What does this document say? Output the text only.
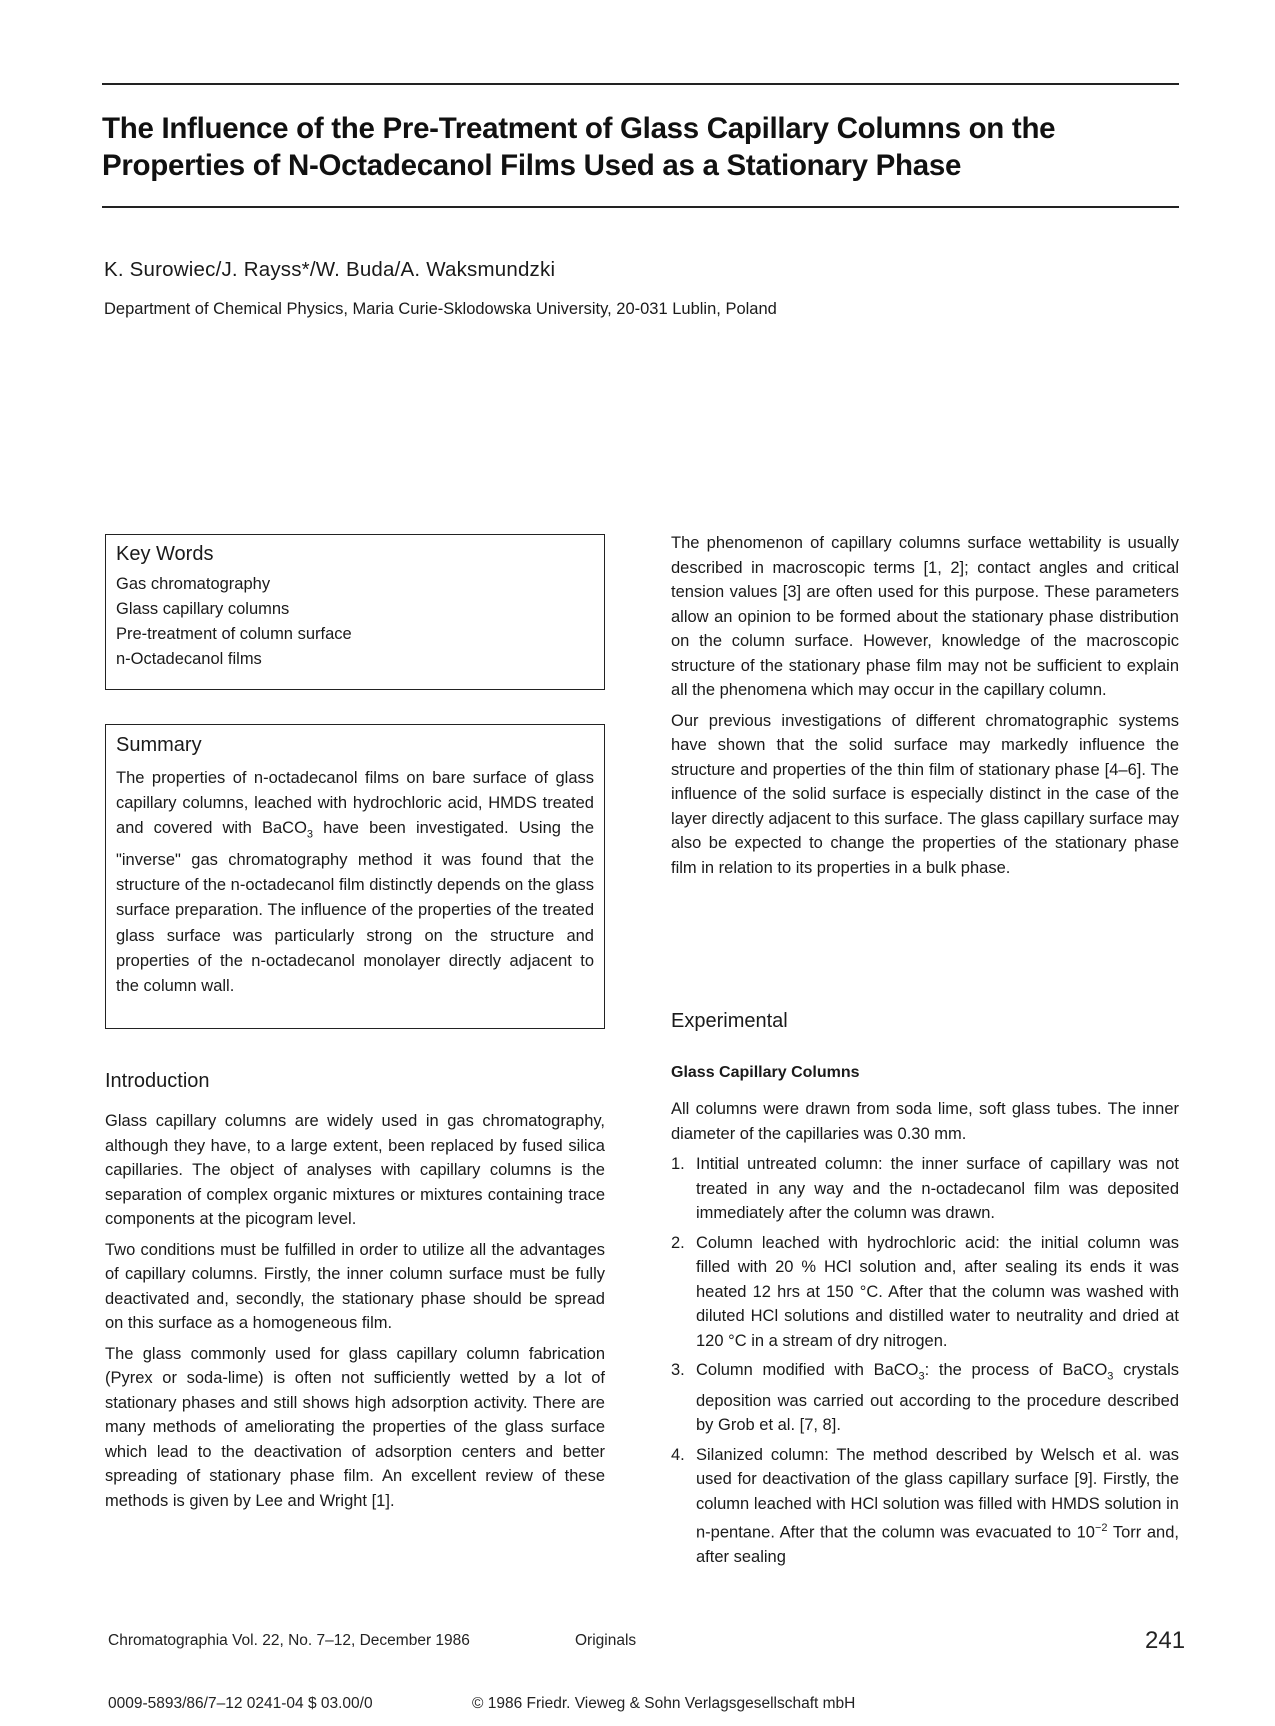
The Influence of the Pre-Treatment of Glass Capillary Columns on the
Properties of N-Octadecanol Films Used as a Stationary Phase
K. Surowiec/J. Rayss*/W. Buda/A. Waksmundzki
Department of Chemical Physics, Maria Curie-Sklodowska University, 20-031 Lublin, Poland
Key Words
Gas chromatography
Glass capillary columns
Pre-treatment of column surface
n-Octadecanol films
Summary

The properties of n-octadecanol films on bare surface of glass capillary columns, leached with hydrochloric acid, HMDS treated and covered with BaCO$_3$ have been investigated. Using the "inverse" gas chromatography method it was found that the structure of the n-octadecanol film distinctly depends on the glass surface preparation. The influence of the properties of the treated glass surface was particularly strong on the structure and properties of the n-octadecanol monolayer directly adjacent to the column wall.

Introduction

Glass capillary columns are widely used in gas chromatography, although they have, to a large extent, been replaced by fused silica capillaries. The object of analyses with capillary columns is the separation of complex organic mixtures or mixtures containing trace components at the picogram level.

Two conditions must be fulfilled in order to utilize all the advantages of capillary columns. Firstly, the inner column surface must be fully deactivated and, secondly, the stationary phase should be spread on this surface as a homogeneous film.

The glass commonly used for glass capillary column fabrication (Pyrex or soda-lime) is often not sufficiently wetted by a lot of stationary phases and still shows high adsorption activity. There are many methods of ameliorating the properties of the glass surface which lead to the deactivation of adsorption centers and better spreading of stationary phase film. An excellent review of these methods is given by Lee and Wright [1].

The phenomenon of capillary columns surface wettability is usually described in macroscopic terms [1, 2]; contact angles and critical tension values [3] are often used for this purpose. These parameters allow an opinion to be formed about the stationary phase distribution on the column surface. However, knowledge of the macroscopic structure of the stationary phase film may not be sufficient to explain all the phenomena which may occur in the capillary column.

Our previous investigations of different chromatographic systems have shown that the solid surface may markedly influence the structure and properties of the thin film of stationary phase [4–6]. The influence of the solid surface is especially distinct in the case of the layer directly adjacent to this surface. The glass capillary surface may also be expected to change the properties of the stationary phase film in relation to its properties in a bulk phase.

Experimental
Glass Capillary Columns

All columns were drawn from soda lime, soft glass tubes. The inner diameter of the capillaries was 0.30 mm.

1. Intitial untreated column: the inner surface of capillary was not treated in any way and the n-octadecanol film was deposited immediately after the column was drawn.
2. Column leached with hydrochloric acid: the initial column was filled with 20 % HCl solution and, after sealing its ends it was heated 12 hrs at 150 °C. After that the column was washed with diluted HCl solutions and distilled water to neutrality and dried at 120 °C in a stream of dry nitrogen.
3. Column modified with BaCO$_3$: the process of BaCO$_3$ crystals deposition was carried out according to the procedure described by Grob et al. [7, 8].
4. Silanized column: The method described by Welsch et al. was used for deactivation of the glass capillary surface [9]. Firstly, the column leached with HCl solution was filled with HMDS solution in n-pentane. After that the column was evacuated to $10^{-2}$ Torr and, after sealing
Chromatographia Vol. 22, No. 7–12, December 1986	Originals	241
0009-5893/86/7–12 0241-04 $ 03.00/0	© 1986 Friedr. Vieweg & Sohn Verlagsgesellschaft mbH
